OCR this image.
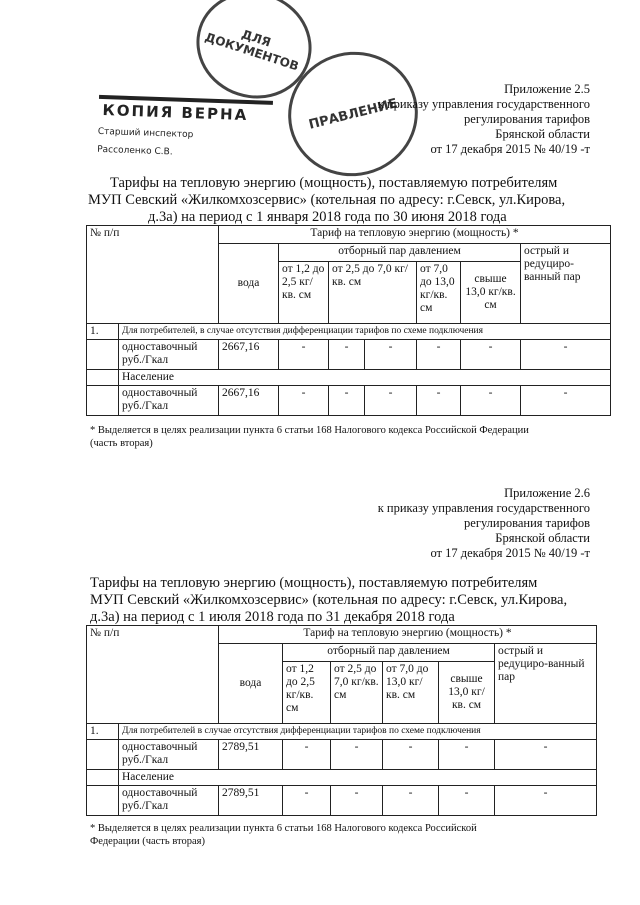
ДЛЯ ДОКУМЕНТОВ
ПРАВЛЕНИЕ
КОПИЯ ВЕРНА
Старший инспектор
Рассоленко С.В.
Приложение 2.5
к приказу управления государственного
регулирования тарифов
Брянской области
от 17 декабря 2015 № 40/19 -т
Тарифы на тепловую энергию (мощность), поставляемую потребителям
МУП Севский «Жилкомхозсервис» (котельная по адресу: г.Севск, ул.Кирова,
д.3а) на период с 1 января 2018 года по 30 июня 2018 года
№ п/п		Тариф на тепловую энергию (мощность) *						
		вода	отборный пар давлением					острый и редуциро-ванный пар
			от 1,2 до 2,5 кг/кв. см	от 2,5 до 7,0 кг/кв. см		от 7,0 до 13,0 кг/кв. см	свыше 13,0 кг/кв. см	
1.	Для потребителей, в случае отсутствия дифференциации тарифов по схеме подключения							
	одноставочный руб./Гкал	2667,16	-	-	-	-	-	-
	Население							
	одноставочный руб./Гкал	2667,16	-	-	-	-	-	-
* Выделяется в целях реализации пункта 6 статьи 168 Налогового кодекса Российской Федерации
(часть вторая)
Приложение 2.6
к приказу управления государственного
регулирования тарифов
Брянской области
от 17 декабря 2015 № 40/19 -т
Тарифы на тепловую энергию (мощность), поставляемую потребителям
МУП Севский «Жилкомхозсервис» (котельная по адресу: г.Севск, ул.Кирова,
д.3а) на период с 1 июля 2018 года по 31 декабря 2018 года
№ п/п		Тариф на тепловую энергию (мощность) *					
		вода	отборный пар давлением				острый и редуциро-ванный пар
			от 1,2 до 2,5 кг/кв. см	от 2,5 до 7,0 кг/кв. см	от 7,0 до 13,0 кг/кв. см	свыше 13,0 кг/кв. см	
1.	Для потребителей в случае отсутствия дифференциации тарифов по схеме подключения						
	одноставочный руб./Гкал	2789,51	-	-	-	-	-
	Население						
	одноставочный руб./Гкал	2789,51	-	-	-	-	-
* Выделяется в целях реализации пункта 6 статьи 168 Налогового кодекса Российской
Федерации (часть вторая)
